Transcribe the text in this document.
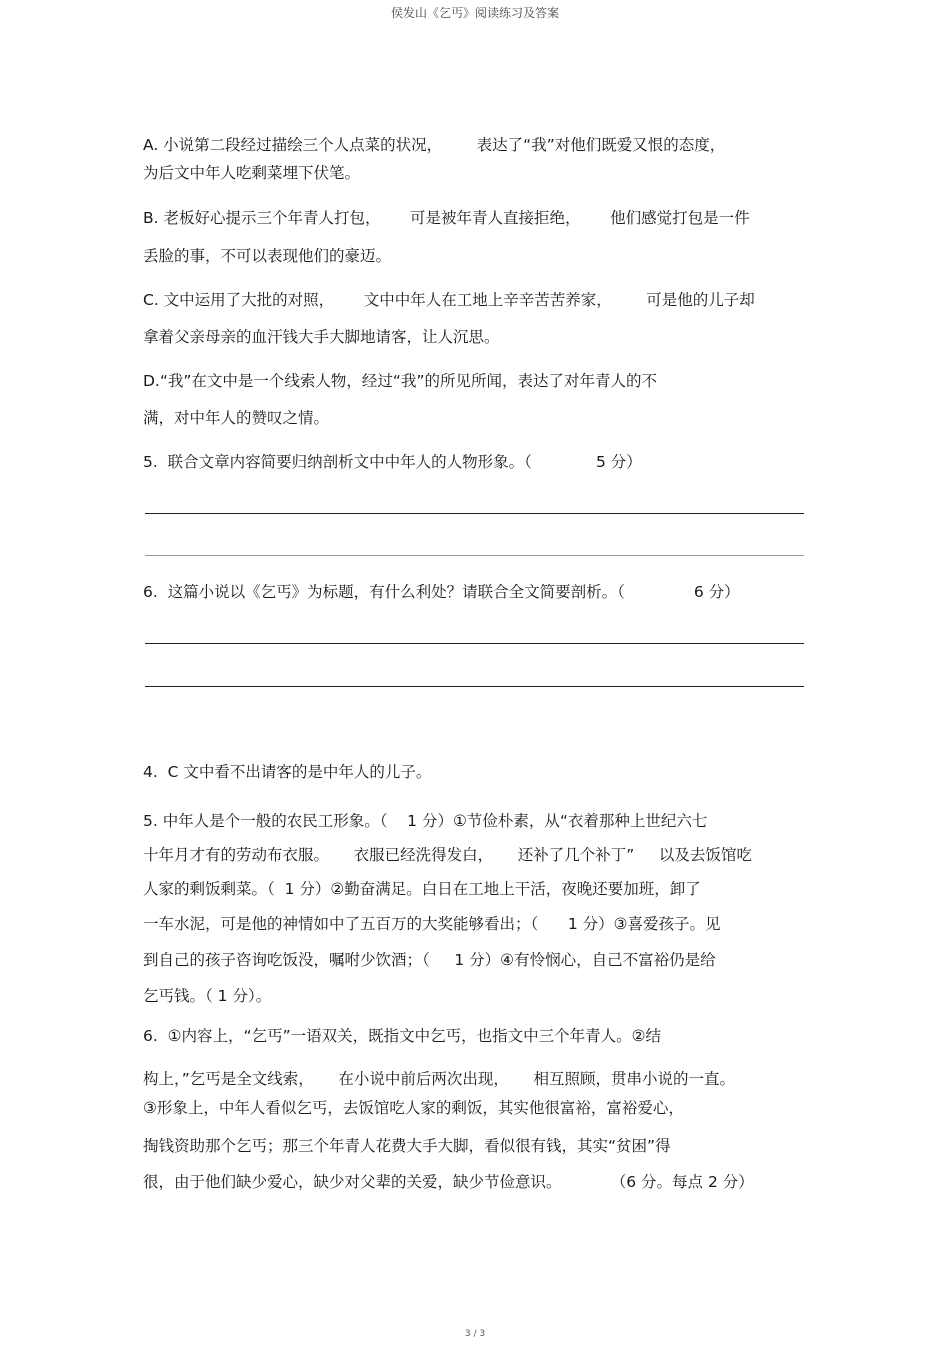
侯发山《乞丐》阅读练习及答案
A. 小说第二段经过描绘三个人点菜的状况，       表达了“我”对他们既爱又恨的态度，
为后文中年人吃剩菜埋下伏笔。
B. 老板好心提示三个年青人打包，      可是被年青人直接拒绝，      他们感觉打包是一件
丢脸的事，不可以表现他们的豪迈。
C. 文中运用了大批的对照，      文中中年人在工地上辛辛苦苦养家，       可是他的儿子却
拿着父亲母亲的血汗钱大手大脚地请客，让人沉思。
D.“我”在文中是一个线索人物，经过“我”的所见所闻，表达了对年青人的不
满，对中年人的赞叹之情。
5.  联合文章内容简要归纳剖析文中中年人的人物形象。（             5 分）
6.  这篇小说以《乞丐》为标题，有什么利处？请联合全文简要剖析。（              6 分）
4.  C 文中看不出请客的是中年人的儿子。
5. 中年人是个一般的农民工形象。（    1 分）①节俭朴素，从“衣着那种上世纪六七
十年月才有的劳动布衣服。     衣服已经洗得发白，     还补了几个补丁”     以及去饭馆吃
人家的剩饭剩菜。（  1 分）②勤奋满足。白日在工地上干活，夜晚还要加班，卸了
一车水泥，可是他的神情如中了五百万的大奖能够看出；（      1 分）③喜爱孩子。见
到自己的孩子咨询吃饭没，嘱咐少饮酒；（     1 分）④有怜悯心，自己不富裕仍是给
乞丐钱。（ 1 分）。
6.  ①内容上，“乞丐”一语双关，既指文中乞丐，也指文中三个年青人。②结
构上，”乞丐是全文线索，     在小说中前后两次出现，     相互照顾，贯串小说的一直。
③形象上，中年人看似乞丐，去饭馆吃人家的剩饭，其实他很富裕，富裕爱心，
掏钱资助那个乞丐；那三个年青人花费大手大脚，看似很有钱，其实“贫困”得
很，由于他们缺少爱心，缺少对父辈的关爱，缺少节俭意识。          （6 分。每点 2 分）
3 / 3
